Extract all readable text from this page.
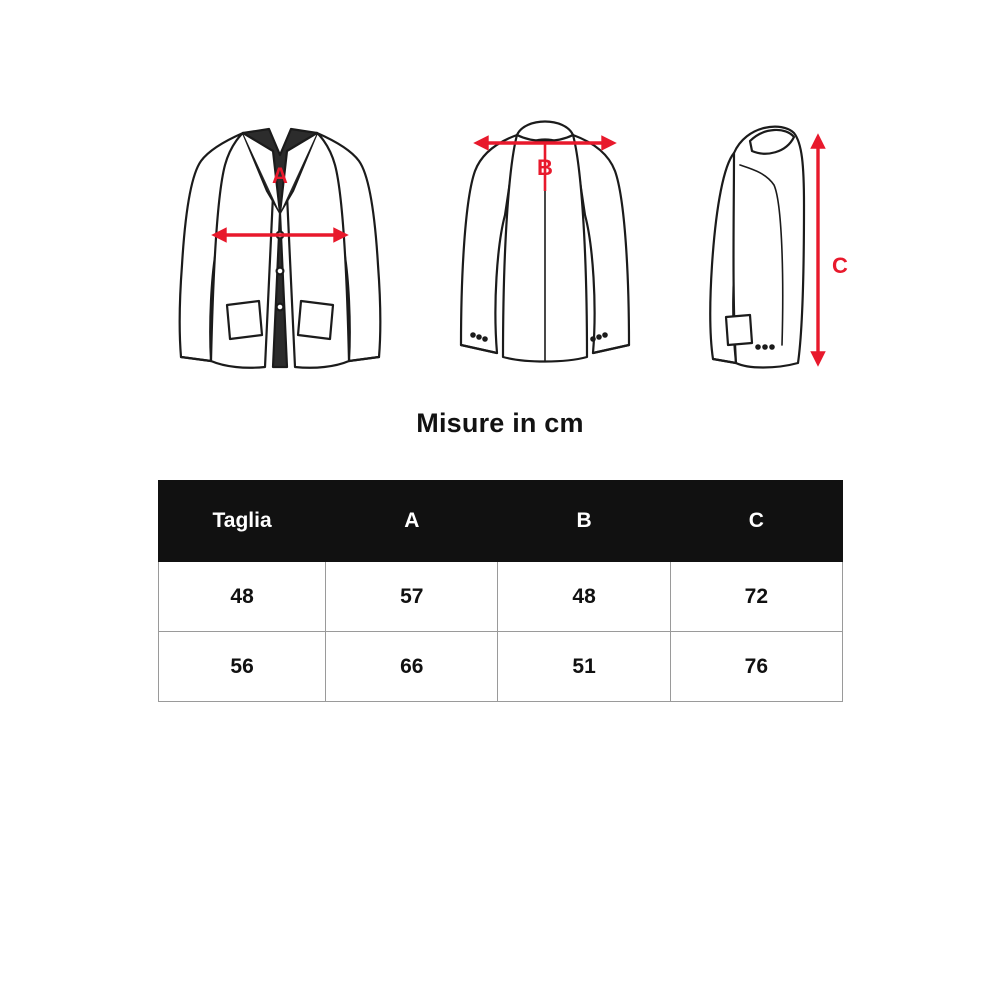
A	B
C
Misure in cm
Taglia	A	B	C
48	57	48	72
56	66	51	76
